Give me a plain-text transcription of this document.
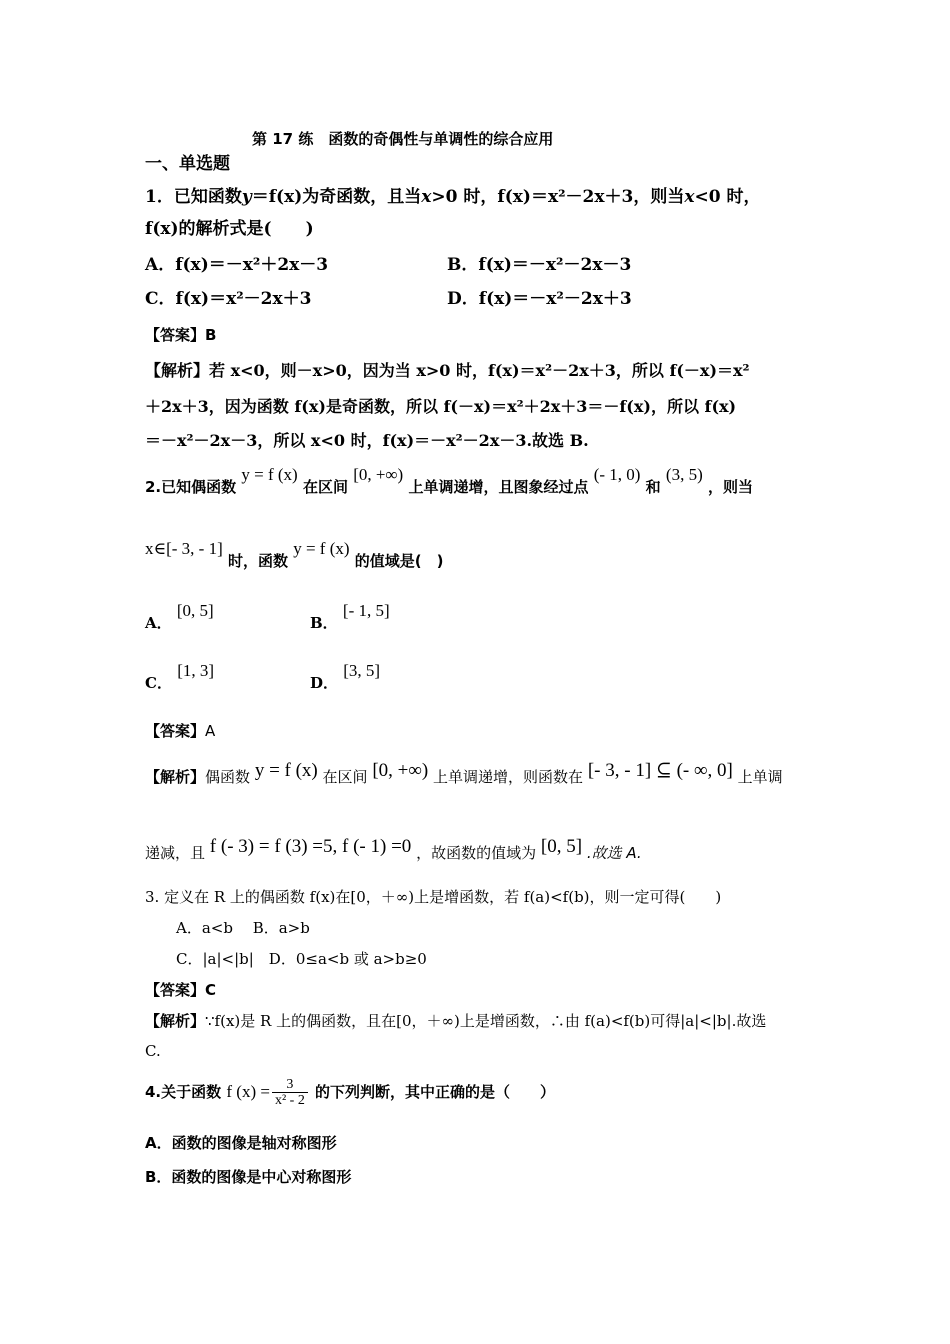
第 17 练　函数的奇偶性与单调性的综合应用
一、单选题
1．已知函数y＝f(x)为奇函数，且当x>0 时，f(x)＝x²－2x＋3，则当x<0 时，
f(x)的解析式是(　　)
A．f(x)＝－x²＋2x－3	B．f(x)＝－x²－2x－3
C．f(x)＝x²－2x＋3	D．f(x)＝－x²－2x＋3
【答案】B
【解析】若 x<0，则－x>0，因为当 x>0 时，f(x)＝x²－2x＋3，所以 f(－x)＝x²
＋2x＋3，因为函数 f(x)是奇函数，所以 f(－x)＝x²＋2x＋3＝－f(x)，所以 f(x)
＝－x²－2x－3，所以 x<0 时，f(x)＝－x²－2x－3.故选 B.
2.已知偶函数 y = f (x) 在区间 [0, +∞) 上单调递增，且图象经过点 (- 1, 0) 和 (3, 5) ，则当
x∈[- 3, - 1] 时，函数 y = f (x) 的值域是(　)
A． [0, 5]
B． [- 1, 5]
C． [1, 3]
D． [3, 5]
【答案】A
【解析】偶函数 y = f (x) 在区间 [0, +∞) 上单调递增，则函数在 [- 3, - 1] ⊆ (- ∞, 0] 上单调
递减，且 f (- 3) = f (3) =5, f (- 1) =0 ，故函数的值域为 [0, 5] .故选 A.
3. 定义在 R 上的偶函数 f(x)在[0，＋∞)上是增函数，若 f(a)<f(b)，则一定可得(　　)
A．a<b　 B．a>b
C．|a|<|b|　D．0≤a<b 或 a>b≥0
【答案】C
【解析】∵f(x)是 R 上的偶函数，且在[0，＋∞)上是增函数，∴由 f(a)<f(b)可得|a|<|b|.故选
C.
4.关于函数 f $(x) = \frac{3}{\text{x² - 2}}$ 的下列判断，其中正确的是（　　）
A．函数的图像是轴对称图形
B．函数的图像是中心对称图形
